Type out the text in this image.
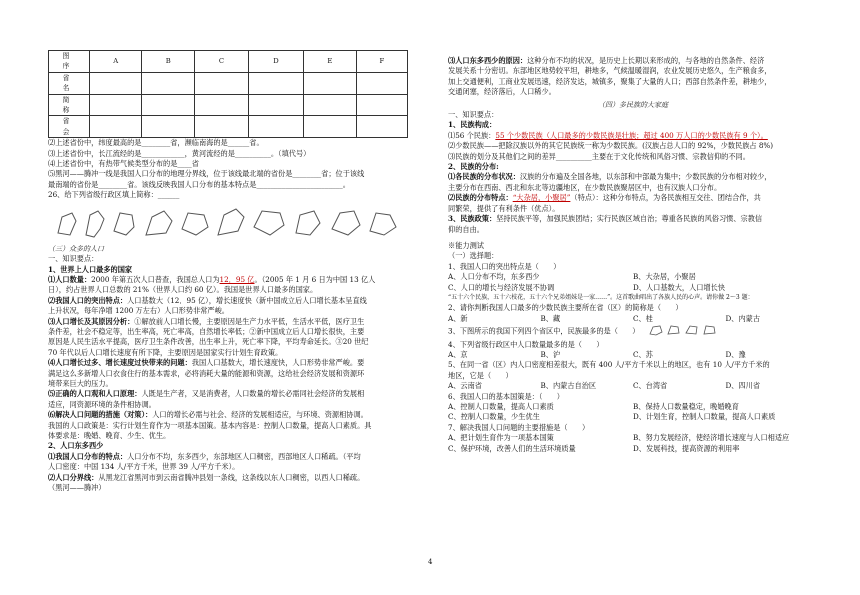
图　序	A	B	C	D	E	F
省　名						
简　称						
省　会						
⑵上述省份中，纬度最高的是________省，濒临南海的是______省。
⑶上述省份中，长江流经的是____________，黄河流经的是__________。（填代号）
⑷上述省份中，有热带气候类型分布的是____省
⑸黑河——腾冲一线是我国人口分布的地理分界线，位于该线最北端的省份是________省；位于该线
最南端的省份是________省。该线反映我国人口分布的基本特点是________________________。
26、给下列省级行政区填上简称：______
（三）众多的人口
一、知识要点：
1、世界上人口最多的国家
⑴人口数量：2000 年第五次人口普查，我国总人口为12．95 亿。（2005 年 1 月 6 日为中国 13 亿人
日），约占世界人口总数的 21%（世界人口约 60 亿）。我国是世界人口最多的国家。
⑵我国人口的突出特点：人口基数大（12．95 亿），增长速度快（新中国成立后人口增长基本呈直线
上升状况，每年净增 1200 万左右）人口形势非常严峻。
⑶人口增长及其原因分析：①解放前人口增长慢，主要原因是生产力水平低，生活水平低，医疗卫生
条件差，社会不稳定等，出生率高，死亡率高，自然增长率低；②新中国成立后人口增长很快，主要
原因是人民生活水平提高，医疗卫生条件改善，出生率上升，死亡率下降，平均寿命延长。③20 世纪
70 年代以后人口增长速度有所下降，主要原因是国家实行计划生育政策。
⑷人口增长过多、增长速度过快带来的问题：我国人口基数大，增长速度快，人口形势非常严峻。要
满足这么多新增人口衣食住行的基本需求，必将消耗大量的能源和资源，这给社会经济发展和资源环
境带来巨大的压力。
⑸正确的人口观和人口原理：人既是生产者，又是消费者，人口数量的增长必需同社会经济的发展相
适应，同资源环境的条件相协调。
⑹解决人口问题的措施（对策）：人口的增长必需与社会、经济的发展相适应，与环境、资源相协调。
我国的人口政策是：实行计划生育作为一项基本国策。基本内容是：控制人口数量，提高人口素质。具
体要求是：晚婚、晚育、少生、优生。
2、人口东多西少
⑴我国人口分布的特点：人口分布不均，东多西少，东部地区人口稠密，西部地区人口稀疏。（平均
人口密度：中国 134 人/平方千米，世界 39 人/平方千米）。
⑵人口分界线：从黑龙江省黑河市到云南省腾冲县划一条线，这条线以东人口稠密，以西人口稀疏。
（黑河——腾冲）
⑶人口东多西少的原因：这种分布不均的状况，是历史上长期以来形成的，与各地的自然条件、经济
发展关系十分密切。东部地区地势较平坦，耕地多，气候温暖湿润，农业发展历史悠久，生产粮食多，
加上交通便利，工商业发展迅速，经济发达，城镇多，聚集了大量的人口；西部自然条件差，耕地少，
交通闭塞，经济落后，人口稀少。
（四）多民族的大家庭
一、知识要点：
1、民族构成：
⑴56 个民族：55 个少数民族（人口最多的少数民族是壮族；超过 400 万人口的少数民族有 9 个）。
⑵少数民族——把除汉族以外的其它民族统一称为少数民族。(汉族占总人口的 92%，少数民族占 8%)
⑶民族的划分及其他们之间的差异__________主要在于文化传统和风俗习惯、宗教信仰的不同。
2、民族的分布:
⑴各民族的分布状况：汉族的分布遍及全国各地，以东部和中部最为集中；少数民族的分布相对较少，
主要分布在西南、西北和东北等边疆地区，在少数民族聚居区中，也有汉族人口分布。
⑵民族的分布特点：“大杂居，小聚居”（特点）：这种分布特点，为各民族相互交往、团结合作，共
同繁荣，提供了有利条件（优点）。
3、民族政策：坚持民族平等，加强民族团结；实行民族区域自治；尊重各民族的风俗习惯、宗教信
仰的自由。
※能力测试
（一）选择题：
1、我国人口的突出特点是（　　）
A、人口分布不均，东多西少	B、大杂居，小聚居
C、人口的增长与经济发展不协调	D、人口基数大，人口增长快
“五十六个民族，五十六枝花，五十六个兄弟姐妹是一家……”。这首歌曲唱出了各族人民的心声。请你做 2～3 题：
2、请你判断我国人口最多的少数民族主要所在省（区）的简称是（　　）
A、新	B、藏	C、桂	D、内蒙古
3、下图所示的我国下列四个省区中，民族最多的是（　　）
4、下列省级行政区中人口数量最多的是（　　）
A、京	B、沪	C、苏	D、豫
5、在同一省（区）内人口密度相差很大，既有 400 人/平方千米以上的地区，也有 10 人/平方千米的
地区，它是（　　）
A、云南省	B、内蒙古自治区	C、台湾省	D、四川省
6、我国人口的基本国策是：（　　）
A、控制人口数量，提高人口素质	B、保持人口数量稳定，晚婚晚育
C、控制人口数量，少生优生	D、计划生育，控制人口数量，提高人口素质
7、解决我国人口问题的主要措施是（　　）
A、把计划生育作为一项基本国策	B、努力发展经济，使经济增长速度与人口相适应
C、保护环境，改善人们的生活环境质量	D、发展科技，提高资源的利用率
4
